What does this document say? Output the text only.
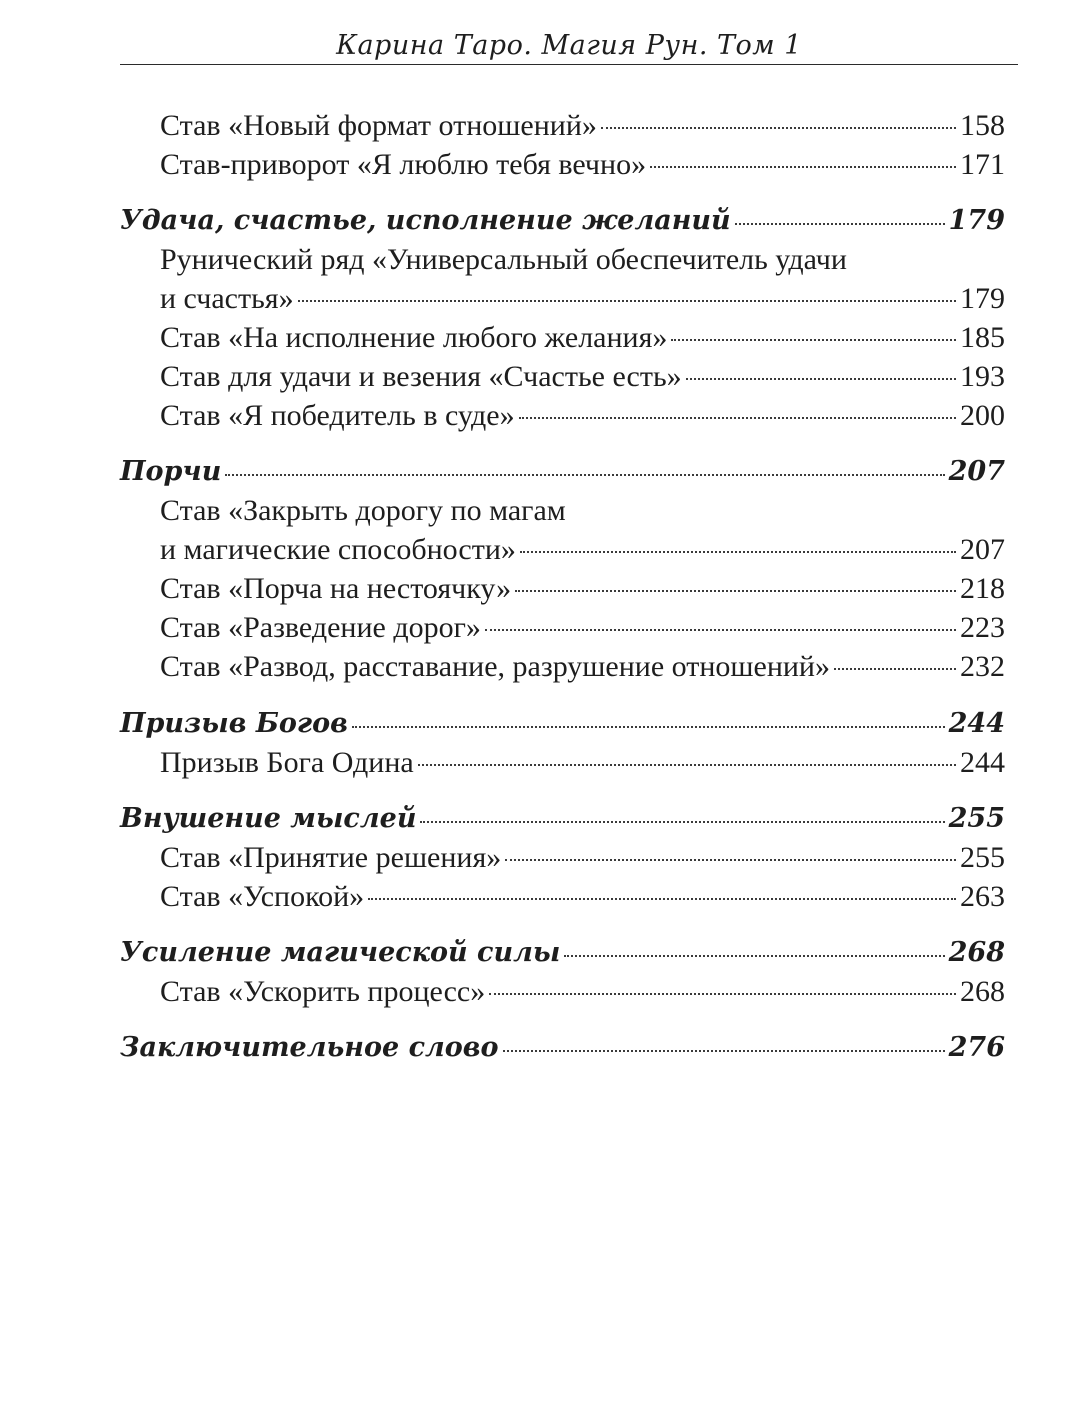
Карина Таро. Магия Рун. Том 1
Став «Новый формат отношений»	158
Став-приворот «Я люблю тебя вечно»	171
Удача, счастье, исполнение желаний	179
Рунический ряд «Универсальный обеспечитель удачи
и счастья»	179
Став «На исполнение любого желания»	185
Став для удачи и везения «Счастье есть»	193
Став «Я победитель в суде»	200
Порчи	207
Став «Закрыть дорогу по магам
и магические способности»	207
Став «Порча на нестоячку»	218
Став «Разведение дорог»	223
Став «Развод, расставание, разрушение отношений»	232
Призыв Богов	244
Призыв Бога Одина	244
Внушение мыслей	255
Став «Принятие решения»	255
Став «Успокой»	263
Усиление магической силы	268
Став «Ускорить процесс»	268
Заключительное слово	276
